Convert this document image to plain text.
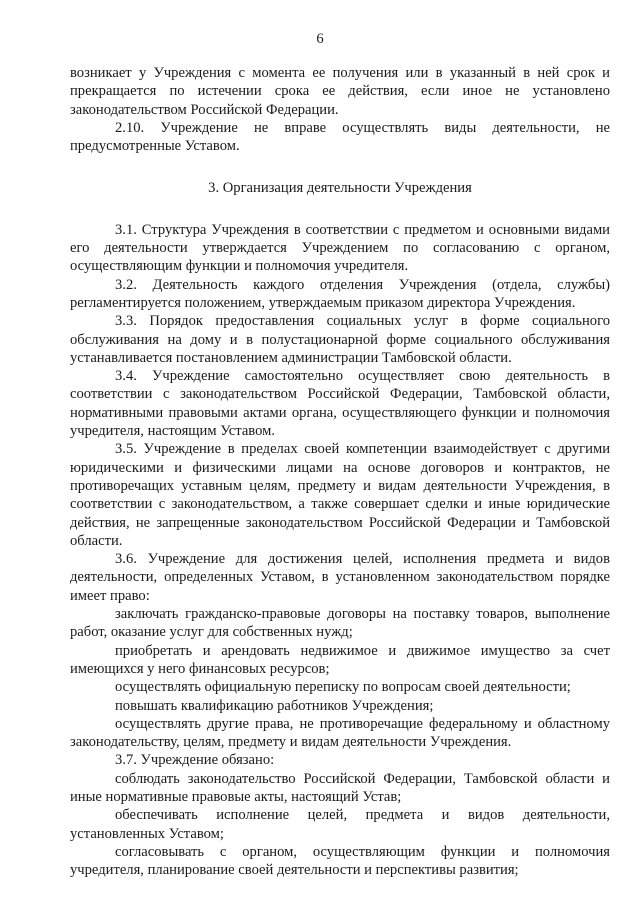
6

возникает у Учреждения с момента ее получения или в указанный в ней срок и прекращается по истечении срока ее действия, если иное не установлено законодательством Российской Федерации.

2.10. Учреждение не вправе осуществлять виды деятельности, не предусмотренные Уставом.

3. Организация деятельности Учреждения

3.1. Структура Учреждения в соответствии с предметом и основными видами его деятельности утверждается Учреждением по согласованию с органом, осуществляющим функции и полномочия учредителя.

3.2. Деятельность каждого отделения Учреждения (отдела, службы) регламентируется положением, утверждаемым приказом директора Учреждения.

3.3. Порядок предоставления социальных услуг в форме социального обслуживания на дому и в полустационарной форме социального обслуживания устанавливается постановлением администрации Тамбовской области.

3.4. Учреждение самостоятельно осуществляет свою деятельность в соответствии с законодательством Российской Федерации, Тамбовской области, нормативными правовыми актами органа, осуществляющего функции и полномочия учредителя, настоящим Уставом.

3.5. Учреждение в пределах своей компетенции взаимодействует с другими юридическими и физическими лицами на основе договоров и контрактов, не противоречащих уставным целям, предмету и видам деятельности Учреждения, в соответствии с законодательством, а также совершает сделки и иные юридические действия, не запрещенные законодательством Российской Федерации и Тамбовской области.

3.6. Учреждение для достижения целей, исполнения предмета и видов деятельности, определенных Уставом, в установленном законодательством порядке имеет право:

заключать гражданско-правовые договоры на поставку товаров, выполнение работ, оказание услуг для собственных нужд;

приобретать и арендовать недвижимое и движимое имущество за счет имеющихся у него финансовых ресурсов;

осуществлять официальную переписку по вопросам своей деятельности;

повышать квалификацию работников Учреждения;

осуществлять другие права, не противоречащие федеральному и областному законодательству, целям, предмету и видам деятельности Учреждения.

3.7. Учреждение обязано:

соблюдать законодательство Российской Федерации, Тамбовской области и иные нормативные правовые акты, настоящий Устав;

обеспечивать исполнение целей, предмета и видов деятельности, установленных Уставом;

согласовывать с органом, осуществляющим функции и полномочия учредителя, планирование своей деятельности и перспективы развития;
